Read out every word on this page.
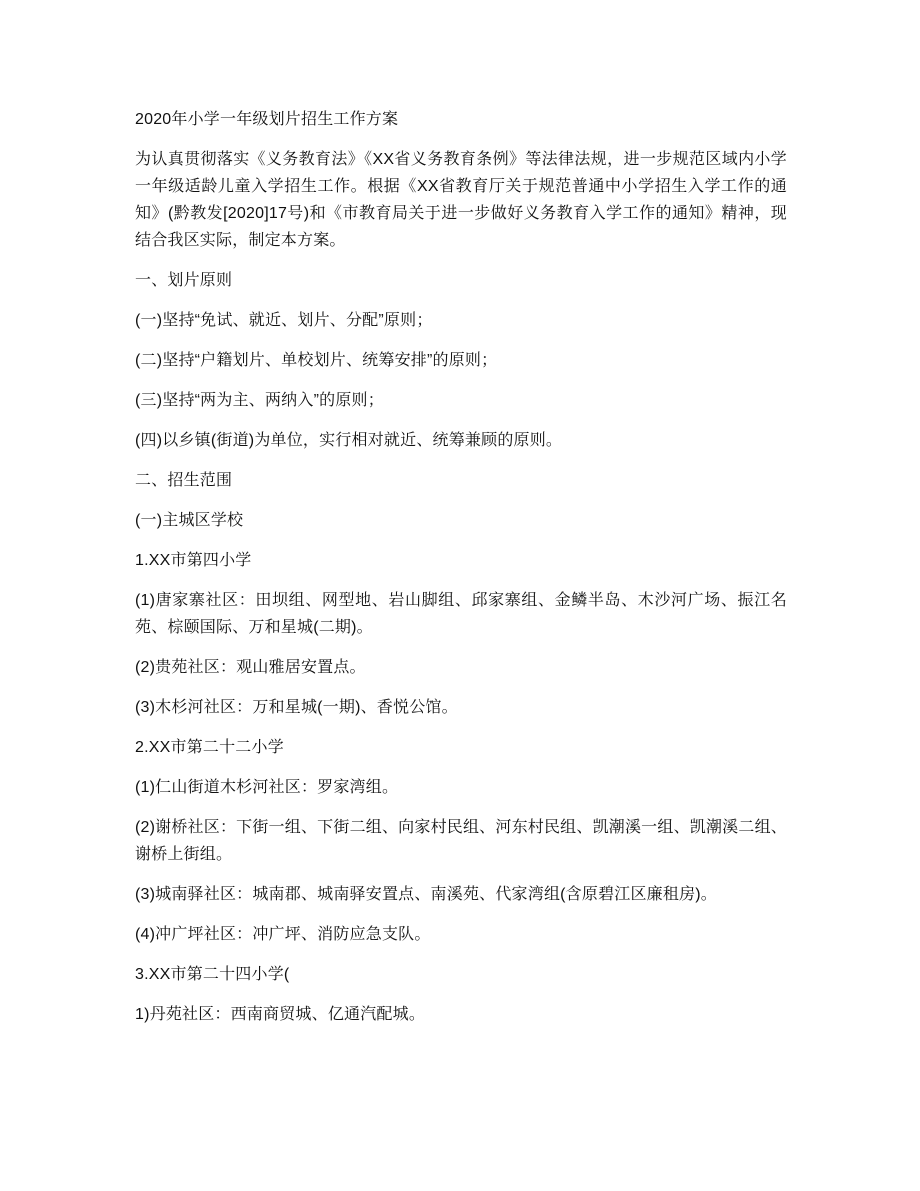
2020年小学一年级划片招生工作方案

为认真贯彻落实《义务教育法》《XX省义务教育条例》等法律法规，进一步规范区域内小学一年级适龄儿童入学招生工作。根据《XX省教育厅关于规范普通中小学招生入学工作的通知》(黔教发[2020]17号)和《市教育局关于进一步做好义务教育入学工作的通知》精神，现结合我区实际，制定本方案。

一、划片原则

(一)坚持“免试、就近、划片、分配”原则；

(二)坚持“户籍划片、单校划片、统筹安排”的原则；

(三)坚持“两为主、两纳入”的原则；

(四)以乡镇(街道)为单位，实行相对就近、统筹兼顾的原则。

二、招生范围

(一)主城区学校

1.XX市第四小学

(1)唐家寨社区：田坝组、网型地、岩山脚组、邱家寨组、金鳞半岛、木沙河广场、振江名苑、棕颐国际、万和星城(二期)。

(2)贵苑社区：观山雅居安置点。

(3)木杉河社区：万和星城(一期)、香悦公馆。

2.XX市第二十二小学

(1)仁山街道木杉河社区：罗家湾组。

(2)谢桥社区：下街一组、下街二组、向家村民组、河东村民组、凯潮溪一组、凯潮溪二组、谢桥上街组。

(3)城南驿社区：城南郡、城南驿安置点、南溪苑、代家湾组(含原碧江区廉租房)。

(4)冲广坪社区：冲广坪、消防应急支队。

3.XX市第二十四小学(

1)丹苑社区：西南商贸城、亿通汽配城。
